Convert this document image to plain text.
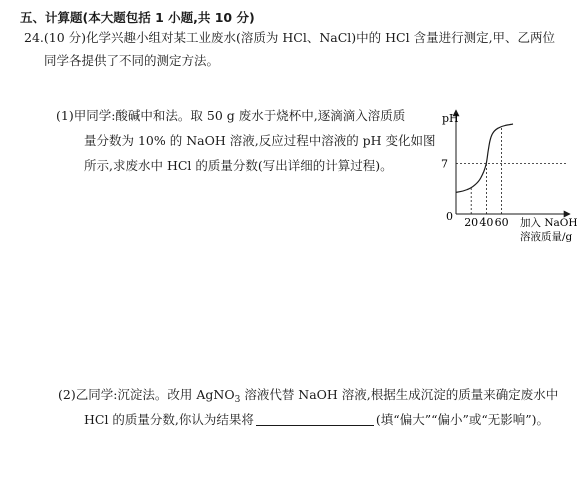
五、计算题(本大题包括 1 小题,共 10 分)
24.(10 分)化学兴趣小组对某工业废水(溶质为 HCl、NaCl)中的 HCl 含量进行测定,甲、乙两位
同学各提供了不同的测定方法。
(1)甲同学:酸碱中和法。取 50 g 废水于烧杯中,逐滴滴入溶质质
量分数为 10% 的 NaOH 溶液,反应过程中溶液的 pH 变化如图
所示,求废水中 HCl 的质量分数(写出详细的计算过程)。
pH
0	加入 NaOH
溶液质量/g
7
20 40 60
(2)乙同学:沉淀法。改用 AgNO$_3$ 溶液代替 NaOH 溶液,根据生成沉淀的质量来确定废水中
HCl 的质量分数,你认为结果将	(填“偏大”“偏小”或“无影响”)。
